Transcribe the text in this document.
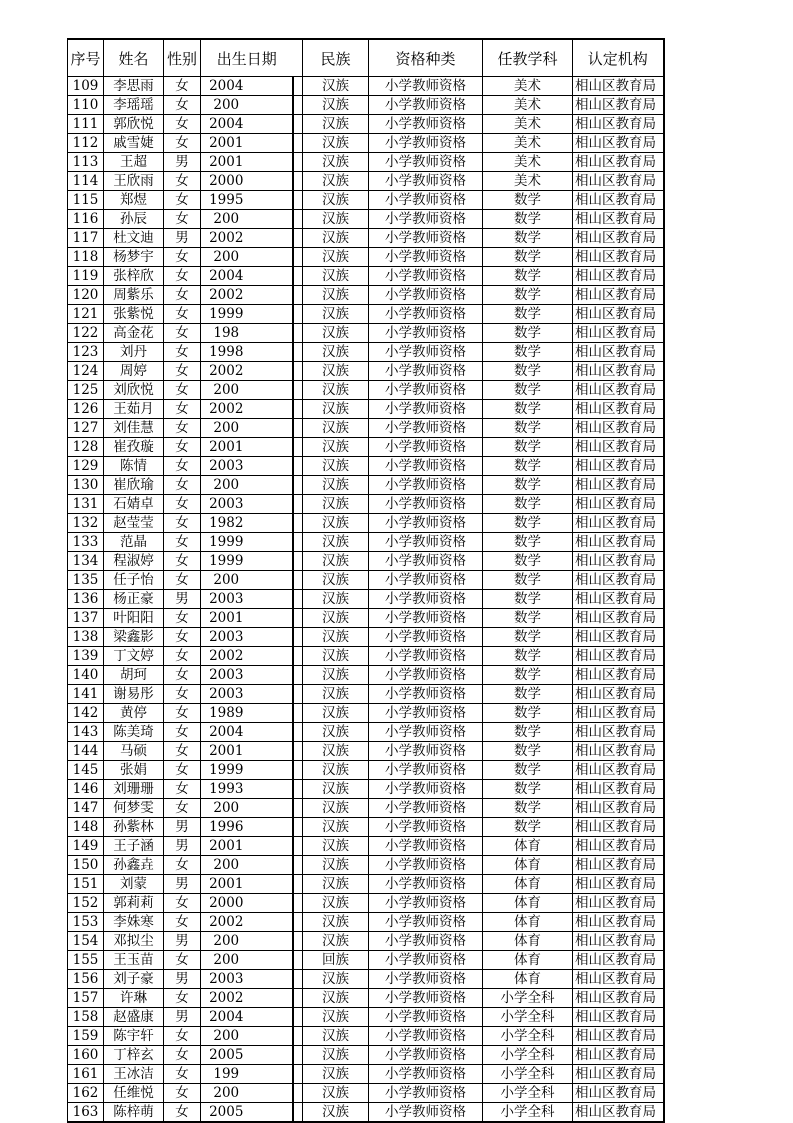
序号	姓名	性别	出生日期		民族	资格种类	任教学科	认定机构
109	李思雨	女	2004		汉族	小学教师资格	美术	相山区教育局
110	李瑶瑶	女	200		汉族	小学教师资格	美术	相山区教育局
111	郭欣悦	女	2004		汉族	小学教师资格	美术	相山区教育局
112	戚雪婕	女	2001		汉族	小学教师资格	美术	相山区教育局
113	王超	男	2001		汉族	小学教师资格	美术	相山区教育局
114	王欣雨	女	2000		汉族	小学教师资格	美术	相山区教育局
115	郑煜	女	1995		汉族	小学教师资格	数学	相山区教育局
116	孙辰	女	200		汉族	小学教师资格	数学	相山区教育局
117	杜文迪	男	2002		汉族	小学教师资格	数学	相山区教育局
118	杨梦宇	女	200		汉族	小学教师资格	数学	相山区教育局
119	张梓欣	女	2004		汉族	小学教师资格	数学	相山区教育局
120	周紫乐	女	2002		汉族	小学教师资格	数学	相山区教育局
121	张紫悦	女	1999		汉族	小学教师资格	数学	相山区教育局
122	高金花	女	198		汉族	小学教师资格	数学	相山区教育局
123	刘丹	女	1998		汉族	小学教师资格	数学	相山区教育局
124	周婷	女	2002		汉族	小学教师资格	数学	相山区教育局
125	刘欣悦	女	200		汉族	小学教师资格	数学	相山区教育局
126	王茹月	女	2002		汉族	小学教师资格	数学	相山区教育局
127	刘佳慧	女	200		汉族	小学教师资格	数学	相山区教育局
128	崔孜璇	女	2001		汉族	小学教师资格	数学	相山区教育局
129	陈情	女	2003		汉族	小学教师资格	数学	相山区教育局
130	崔欣瑜	女	200		汉族	小学教师资格	数学	相山区教育局
131	石婧卓	女	2003		汉族	小学教师资格	数学	相山区教育局
132	赵莹莹	女	1982		汉族	小学教师资格	数学	相山区教育局
133	范晶	女	1999		汉族	小学教师资格	数学	相山区教育局
134	程淑婷	女	1999		汉族	小学教师资格	数学	相山区教育局
135	任子怡	女	200		汉族	小学教师资格	数学	相山区教育局
136	杨正豪	男	2003		汉族	小学教师资格	数学	相山区教育局
137	叶阳阳	女	2001		汉族	小学教师资格	数学	相山区教育局
138	梁鑫影	女	2003		汉族	小学教师资格	数学	相山区教育局
139	丁文婷	女	2002		汉族	小学教师资格	数学	相山区教育局
140	胡珂	女	2003		汉族	小学教师资格	数学	相山区教育局
141	谢易彤	女	2003		汉族	小学教师资格	数学	相山区教育局
142	黄停	女	1989		汉族	小学教师资格	数学	相山区教育局
143	陈美琦	女	2004		汉族	小学教师资格	数学	相山区教育局
144	马硕	女	2001		汉族	小学教师资格	数学	相山区教育局
145	张娟	女	1999		汉族	小学教师资格	数学	相山区教育局
146	刘珊珊	女	1993		汉族	小学教师资格	数学	相山区教育局
147	何梦雯	女	200		汉族	小学教师资格	数学	相山区教育局
148	孙紫林	男	1996		汉族	小学教师资格	数学	相山区教育局
149	王子涵	男	2001		汉族	小学教师资格	体育	相山区教育局
150	孙鑫垚	女	200		汉族	小学教师资格	体育	相山区教育局
151	刘蒙	男	2001		汉族	小学教师资格	体育	相山区教育局
152	郭莉莉	女	2000		汉族	小学教师资格	体育	相山区教育局
153	李姝寒	女	2002		汉族	小学教师资格	体育	相山区教育局
154	邓拟尘	男	200		汉族	小学教师资格	体育	相山区教育局
155	王玉苗	女	200		回族	小学教师资格	体育	相山区教育局
156	刘子豪	男	2003		汉族	小学教师资格	体育	相山区教育局
157	许琳	女	2002		汉族	小学教师资格	小学全科	相山区教育局
158	赵盛康	男	2004		汉族	小学教师资格	小学全科	相山区教育局
159	陈宇轩	女	200		汉族	小学教师资格	小学全科	相山区教育局
160	丁梓玄	女	2005		汉族	小学教师资格	小学全科	相山区教育局
161	王冰洁	女	199		汉族	小学教师资格	小学全科	相山区教育局
162	任维悦	女	200		汉族	小学教师资格	小学全科	相山区教育局
163	陈梓萌	女	2005		汉族	小学教师资格	小学全科	相山区教育局
